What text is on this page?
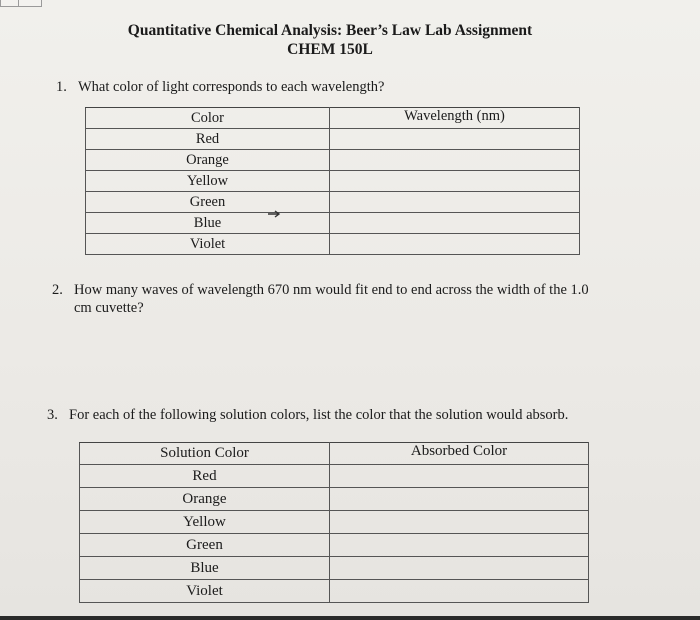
Quantitative Chemical Analysis: Beer’s Law Lab Assignment
CHEM 150L
1. What color of light corresponds to each wavelength?
Color	Wavelength (nm)
Red	
Orange	
Yellow	
Green	
Blue	
Violet	
2. How many waves of wavelength 670 nm would fit end to end across the width of the 1.0
cm cuvette?
3. For each of the following solution colors, list the color that the solution would absorb.
Solution Color	Absorbed Color
Red	
Orange	
Yellow	
Green	
Blue	
Violet	
